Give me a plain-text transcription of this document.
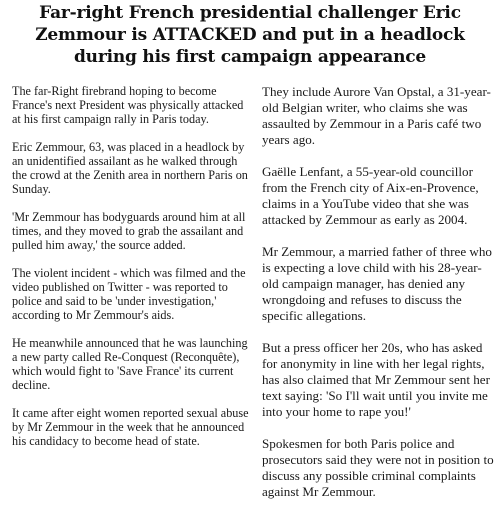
Far-right French presidential challenger Eric Zemmour is ATTACKED and put in a headlock during his first campaign appearance

The far-Right firebrand hoping to become France's next President was physically attacked at his first campaign rally in Paris today.

Eric Zemmour, 63, was placed in a headlock by an unidentified assailant as he walked through the crowd at the Zenith area in northern Paris on Sunday.

'Mr Zemmour has bodyguards around him at all times, and they moved to grab the assailant and pulled him away,' the source added.

The violent incident - which was filmed and the video published on Twitter - was reported to police and said to be 'under investigation,' according to Mr Zemmour's aids.

He meanwhile announced that he was launching a new party called Re-Conquest (Reconquête), which would fight to 'Save France' its current decline.

It came after eight women reported sexual abuse by Mr Zemmour in the week that he announced his candidacy to become head of state.

They include Aurore Van Opstal, a 31-year-old Belgian writer, who claims she was assaulted by Zemmour in a Paris café two years ago.

Gaëlle Lenfant, a 55-year-old councillor from the French city of Aix-en-Provence, claims in a YouTube video that she was attacked by Zemmour as early as 2004.

Mr Zemmour, a married father of three who is expecting a love child with his 28-year-old campaign manager, has denied any wrongdoing and refuses to discuss the specific allegations.

But a press officer her 20s, who has asked for anonymity in line with her legal rights, has also claimed that Mr Zemmour sent her text saying: 'So I'll wait until you invite me into your home to rape you!'

Spokesmen for both Paris police and prosecutors said they were not in position to discuss any possible criminal complaints against Mr Zemmour.
